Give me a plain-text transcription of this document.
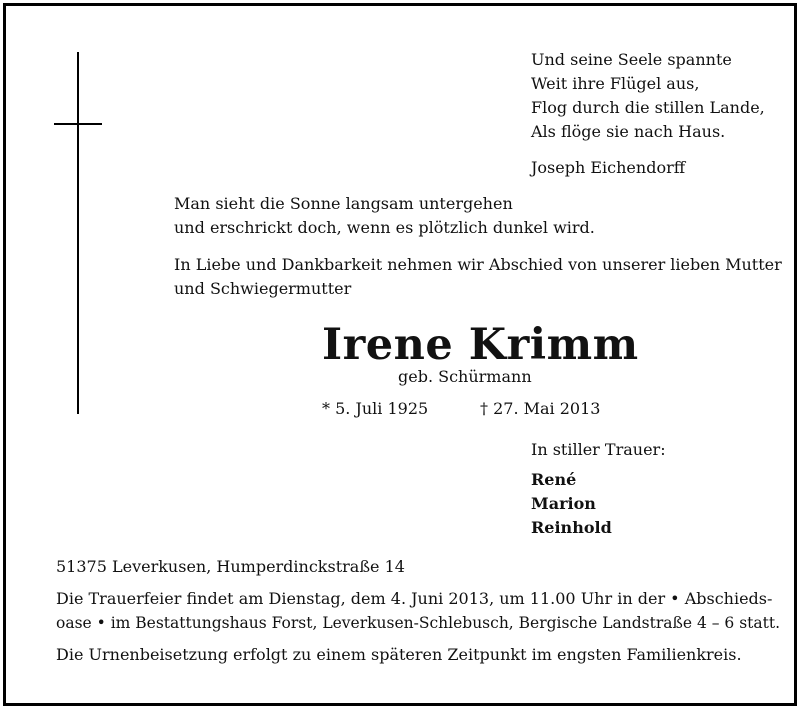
Und seine Seele spannte
Weit ihre Flügel aus,
Flog durch die stillen Lande,
Als flöge sie nach Haus.
Joseph Eichendorff
Man sieht die Sonne langsam untergehen
und erschrickt doch, wenn es plötzlich dunkel wird.
In Liebe und Dankbarkeit nehmen wir Abschied von unserer lieben Mutter
und Schwiegermutter
Irene Krimm
geb. Schürmann
* 5. Juli 1925	† 27. Mai 2013
In stiller Trauer:
René
Marion
Reinhold
51375 Leverkusen, Humperdinckstraße 14
Die Trauerfeier findet am Dienstag, dem 4. Juni 2013, um 11.00 Uhr in der • Abschieds-
oase • im Bestattungshaus Forst, Leverkusen-Schlebusch, Bergische Landstraße 4 – 6 statt.
Die Urnenbeisetzung erfolgt zu einem späteren Zeitpunkt im engsten Familienkreis.
